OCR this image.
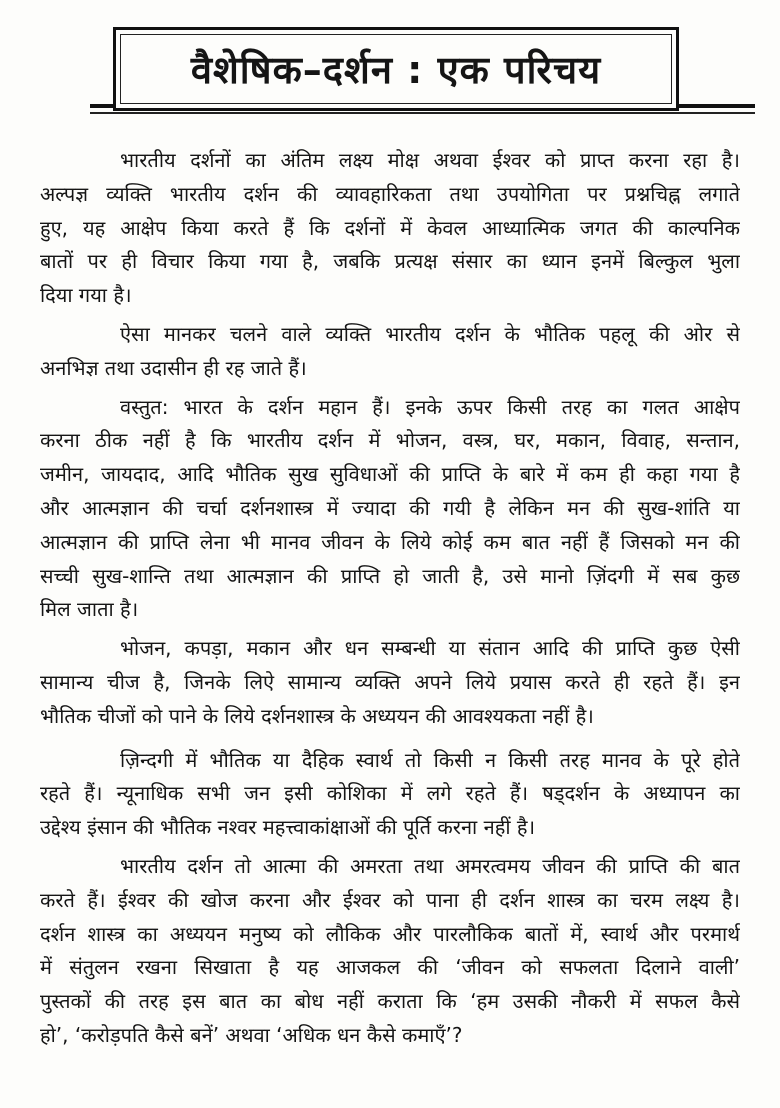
वैशेषिक–दर्शन : एक परिचय
भारतीय दर्शनों का अंतिम लक्ष्य मोक्ष अथवा ईश्वर को प्राप्त करना रहा है।
अल्पज्ञ व्यक्ति भारतीय दर्शन की व्यावहारिकता तथा उपयोगिता पर प्रश्नचिह्न लगाते
हुए, यह आक्षेप किया करते हैं कि दर्शनों में केवल आध्यात्मिक जगत की काल्पनिक
बातों पर ही विचार किया गया है, जबकि प्रत्यक्ष संसार का ध्यान इनमें बिल्कुल भुला
दिया गया है।
ऐसा मानकर चलने वाले व्यक्ति भारतीय दर्शन के भौतिक पहलू की ओर से
अनभिज्ञ तथा उदासीन ही रह जाते हैं।
वस्तुत: भारत के दर्शन महान हैं। इनके ऊपर किसी तरह का गलत आक्षेप
करना ठीक नहीं है कि भारतीय दर्शन में भोजन, वस्त्र, घर, मकान, विवाह, सन्तान,
जमीन, जायदाद, आदि भौतिक सुख सुविधाओं की प्राप्ति के बारे में कम ही कहा गया है
और आत्मज्ञान की चर्चा दर्शनशास्त्र में ज्यादा की गयी है लेकिन मन की सुख-शांति या
आत्मज्ञान की प्राप्ति लेना भी मानव जीवन के लिये कोई कम बात नहीं हैं जिसको मन की
सच्ची सुख-शान्ति तथा आत्मज्ञान की प्राप्ति हो जाती है, उसे मानो ज़िंदगी में सब कुछ
मिल जाता है।
भोजन, कपड़ा, मकान और धन सम्बन्धी या संतान आदि की प्राप्ति कुछ ऐसी
सामान्य चीज है, जिनके लिऐ सामान्य व्यक्ति अपने लिये प्रयास करते ही रहते हैं। इन
भौतिक चीजों को पाने के लिये दर्शनशास्त्र के अध्ययन की आवश्यकता नहीं है।
ज़िन्दगी में भौतिक या दैहिक स्वार्थ तो किसी न किसी तरह मानव के पूरे होते
रहते हैं। न्यूनाधिक सभी जन इसी कोशिका में लगे रहते हैं। षड्दर्शन के अध्यापन का
उद्देश्य इंसान की भौतिक नश्वर महत्त्वाकांक्षाओं की पूर्ति करना नहीं है।
भारतीय दर्शन तो आत्मा की अमरता तथा अमरत्वमय जीवन की प्राप्ति की बात
करते हैं। ईश्वर की खोज करना और ईश्वर को पाना ही दर्शन शास्त्र का चरम लक्ष्य है।
दर्शन शास्त्र का अध्ययन मनुष्य को लौकिक और पारलौकिक बातों में, स्वार्थ और परमार्थ
में संतुलन रखना सिखाता है यह आजकल की ‘जीवन को सफलता दिलाने वाली’
पुस्तकों की तरह इस बात का बोध नहीं कराता कि ‘हम उसकी नौकरी में सफल कैसे
हो’, ‘करोड़पति कैसे बनें’ अथवा ‘अधिक धन कैसे कमाएँ’?
